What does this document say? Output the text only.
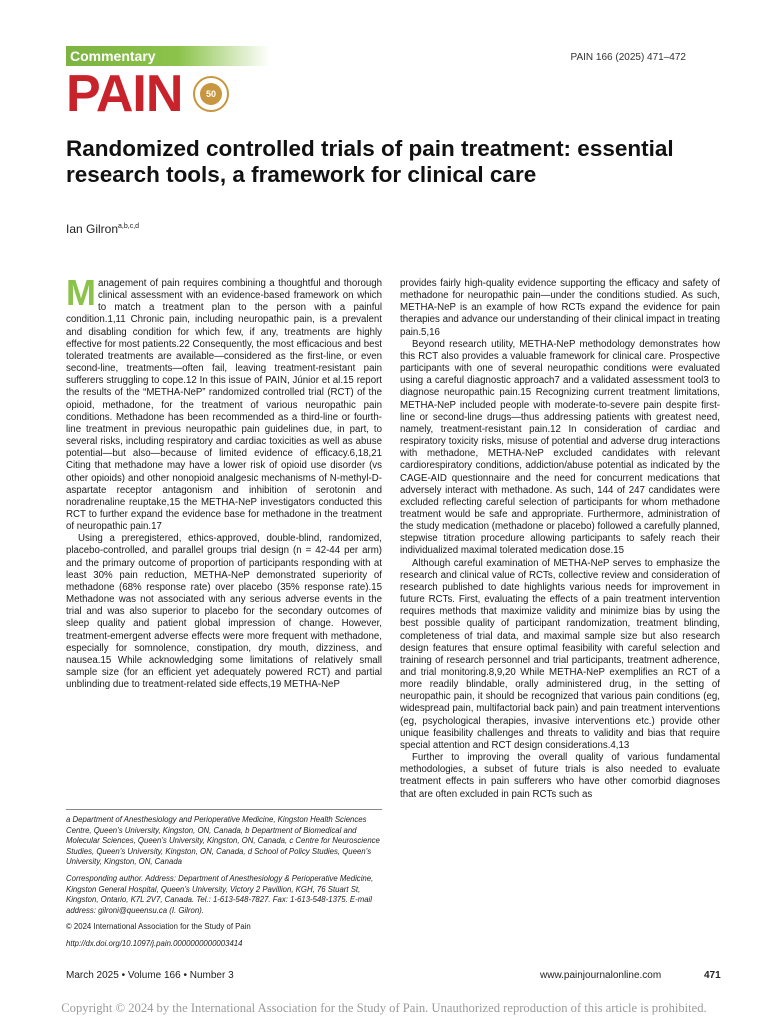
Commentary	PAIN 166 (2025) 471–472
PAIN	50
Randomized controlled trials of pain treatment: essential research tools, a framework for clinical care
Ian Gilron$^{a,b,c,d}$

Management of pain requires combining a thoughtful and thorough clinical assessment with an evidence-based framework on which to match a treatment plan to the person with a painful condition.1,11 Chronic pain, including neuropathic pain, is a prevalent and disabling condition for which few, if any, treatments are highly effective for most patients.22 Consequently, the most efficacious and best tolerated treatments are available—considered as the first-line, or even second-line, treatments—often fail, leaving treatment-resistant pain sufferers struggling to cope.12 In this issue of PAIN, Júnior et al.15 report the results of the “METHA-NeP” randomized controlled trial (RCT) of the opioid, methadone, for the treatment of various neuropathic pain conditions. Methadone has been recommended as a third-line or fourth-line treatment in previous neuropathic pain guidelines due, in part, to several risks, including respiratory and cardiac toxicities as well as abuse potential—but also—because of limited evidence of efficacy.6,18,21 Citing that methadone may have a lower risk of opioid use disorder (vs other opioids) and other nonopioid analgesic mechanisms of N-methyl-D-aspartate receptor antagonism and inhibition of serotonin and noradrenaline reuptake,15 the METHA-NeP investigators conducted this RCT to further expand the evidence base for methadone in the treatment of neuropathic pain.17

Using a preregistered, ethics-approved, double-blind, randomized, placebo-controlled, and parallel groups trial design (n = 42-44 per arm) and the primary outcome of proportion of participants responding with at least 30% pain reduction, METHA-NeP demonstrated superiority of methadone (68% response rate) over placebo (35% response rate).15 Methadone was not associated with any serious adverse events in the trial and was also superior to placebo for the secondary outcomes of sleep quality and patient global impression of change. However, treatment-emergent adverse effects were more frequent with methadone, especially for somnolence, constipation, dry mouth, dizziness, and nausea.15 While acknowledging some limitations of relatively small sample size (for an efficient yet adequately powered RCT) and partial unblinding due to treatment-related side effects,19 METHA-NeP

provides fairly high-quality evidence supporting the efficacy and safety of methadone for neuropathic pain—under the conditions studied. As such, METHA-NeP is an example of how RCTs expand the evidence for pain therapies and advance our understanding of their clinical impact in treating pain.5,16

Beyond research utility, METHA-NeP methodology demonstrates how this RCT also provides a valuable framework for clinical care. Prospective participants with one of several neuropathic conditions were evaluated using a careful diagnostic approach7 and a validated assessment tool3 to diagnose neuropathic pain.15 Recognizing current treatment limitations, METHA-NeP included people with moderate-to-severe pain despite first-line or second-line drugs—thus addressing patients with greatest need, namely, treatment-resistant pain.12 In consideration of cardiac and respiratory toxicity risks, misuse of potential and adverse drug interactions with methadone, METHA-NeP excluded candidates with relevant cardiorespiratory conditions, addiction/abuse potential as indicated by the CAGE-AID questionnaire and the need for concurrent medications that adversely interact with methadone. As such, 144 of 247 candidates were excluded reflecting careful selection of participants for whom methadone treatment would be safe and appropriate. Furthermore, administration of the study medication (methadone or placebo) followed a carefully planned, stepwise titration procedure allowing participants to safely reach their individualized maximal tolerated medication dose.15

Although careful examination of METHA-NeP serves to emphasize the research and clinical value of RCTs, collective review and consideration of research published to date highlights various needs for improvement in future RCTs. First, evaluating the effects of a pain treatment intervention requires methods that maximize validity and minimize bias by using the best possible quality of participant randomization, treatment blinding, completeness of trial data, and maximal sample size but also research design features that ensure optimal feasibility with careful selection and training of research personnel and trial participants, treatment adherence, and trial monitoring.8,9,20 While METHA-NeP exemplifies an RCT of a more readily blindable, orally administered drug, in the setting of neuropathic pain, it should be recognized that various pain conditions (eg, widespread pain, multifactorial back pain) and pain treatment interventions (eg, psychological therapies, invasive interventions etc.) provide other unique feasibility challenges and threats to validity and bias that require special attention and RCT design considerations.4,13

Further to improving the overall quality of various fundamental methodologies, a subset of future trials is also needed to evaluate treatment effects in pain sufferers who have other comorbid diagnoses that are often excluded in pain RCTs such as

a Department of Anesthesiology and Perioperative Medicine, Kingston Health Sciences Centre, Queen’s University, Kingston, ON, Canada, b Department of Biomedical and Molecular Sciences, Queen’s University, Kingston, ON, Canada, c Centre for Neuroscience Studies, Queen’s University, Kingston, ON, Canada, d School of Policy Studies, Queen’s University, Kingston, ON, Canada

Corresponding author. Address: Department of Anesthesiology & Perioperative Medicine, Kingston General Hospital, Queen’s University, Victory 2 Pavillion, KGH, 76 Stuart St, Kingston, Ontario, K7L 2V7, Canada. Tel.: 1-613-548-7827. Fax: 1-613-548-1375. E-mail address: gilroni@queensu.ca (I. Gilron).

© 2024 International Association for the Study of Pain

http://dx.doi.org/10.1097/j.pain.0000000000003414

March 2025 • Volume 166 • Number 3	www.painjournalonline.com	471
Copyright © 2024 by the International Association for the Study of Pain. Unauthorized reproduction of this article is prohibited.
